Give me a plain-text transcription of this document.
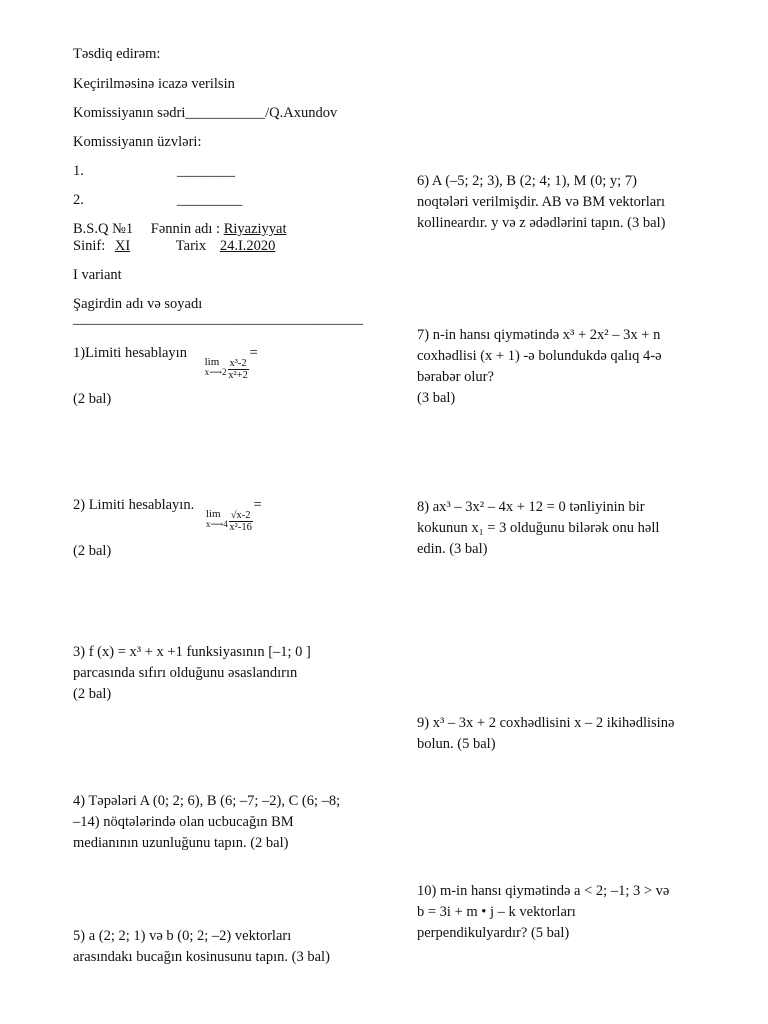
Təsdiq edirəm:
Keçirilməsinə icazə verilsin
Komissiyanın sədri___________/Q.Axundov
Komissiyanın üzvləri:
1.	________
2.	_________
B.S.Q №1 Fənnin adı : Riyaziyyat
Sinif: XI	Tarix 24.I.2020
I variant
Şagirdin adı və soyadı
________________________________________
1)Limiti hesablayın
lim
x⟶2 $\frac{\text{x³-2}}{\text{x²+2}}$
=
(2 bal)
2) Limiti hesablayın.
lim
x⟶4 $\frac{√x-2}{\text{x²-16}}$
=
(2 bal)
3) f (x) = x³ + x +1 funksiyasının [–1; 0 ]
parcasında sıfırı olduğunu əsaslandırın
(2 bal)
4) Təpələri A (0; 2; 6), B (6; –7; –2), C (6; –8;
–14) nöqtələrində olan ucbucağın BM
medianının uzunluğunu tapın. (2 bal)
5) a (2; 2; 1) və b (0; 2; –2) vektorları
arasındakı bucağın kosinusunu tapın. (3 bal)
6) A (–5; 2; 3), B (2; 4; 1), M (0; y; 7)
noqtələri verilmişdir. AB və BM vektorları
kollineardır. y və z ədədlərini tapın. (3 bal)
7) n-in hansı qiymətində x³ + 2x² – 3x + n
coxhədlisi (x + 1) -ə bolundukdə qalıq 4-ə
bərabər olur?
(3 bal)
8) ax³ – 3x² – 4x + 12 = 0 tənliyinin bir
kokunun x₁ = 3 olduğunu bilərək onu həll
edin. (3 bal)
9) x³ – 3x + 2 coxhədlisini x – 2 ikihədlisinə
bolun. (5 bal)
10) m-in hansı qiymətində a < 2; –1; 3 > və
b = 3i + m • j – k vektorları
perpendikulyardır? (5 bal)
